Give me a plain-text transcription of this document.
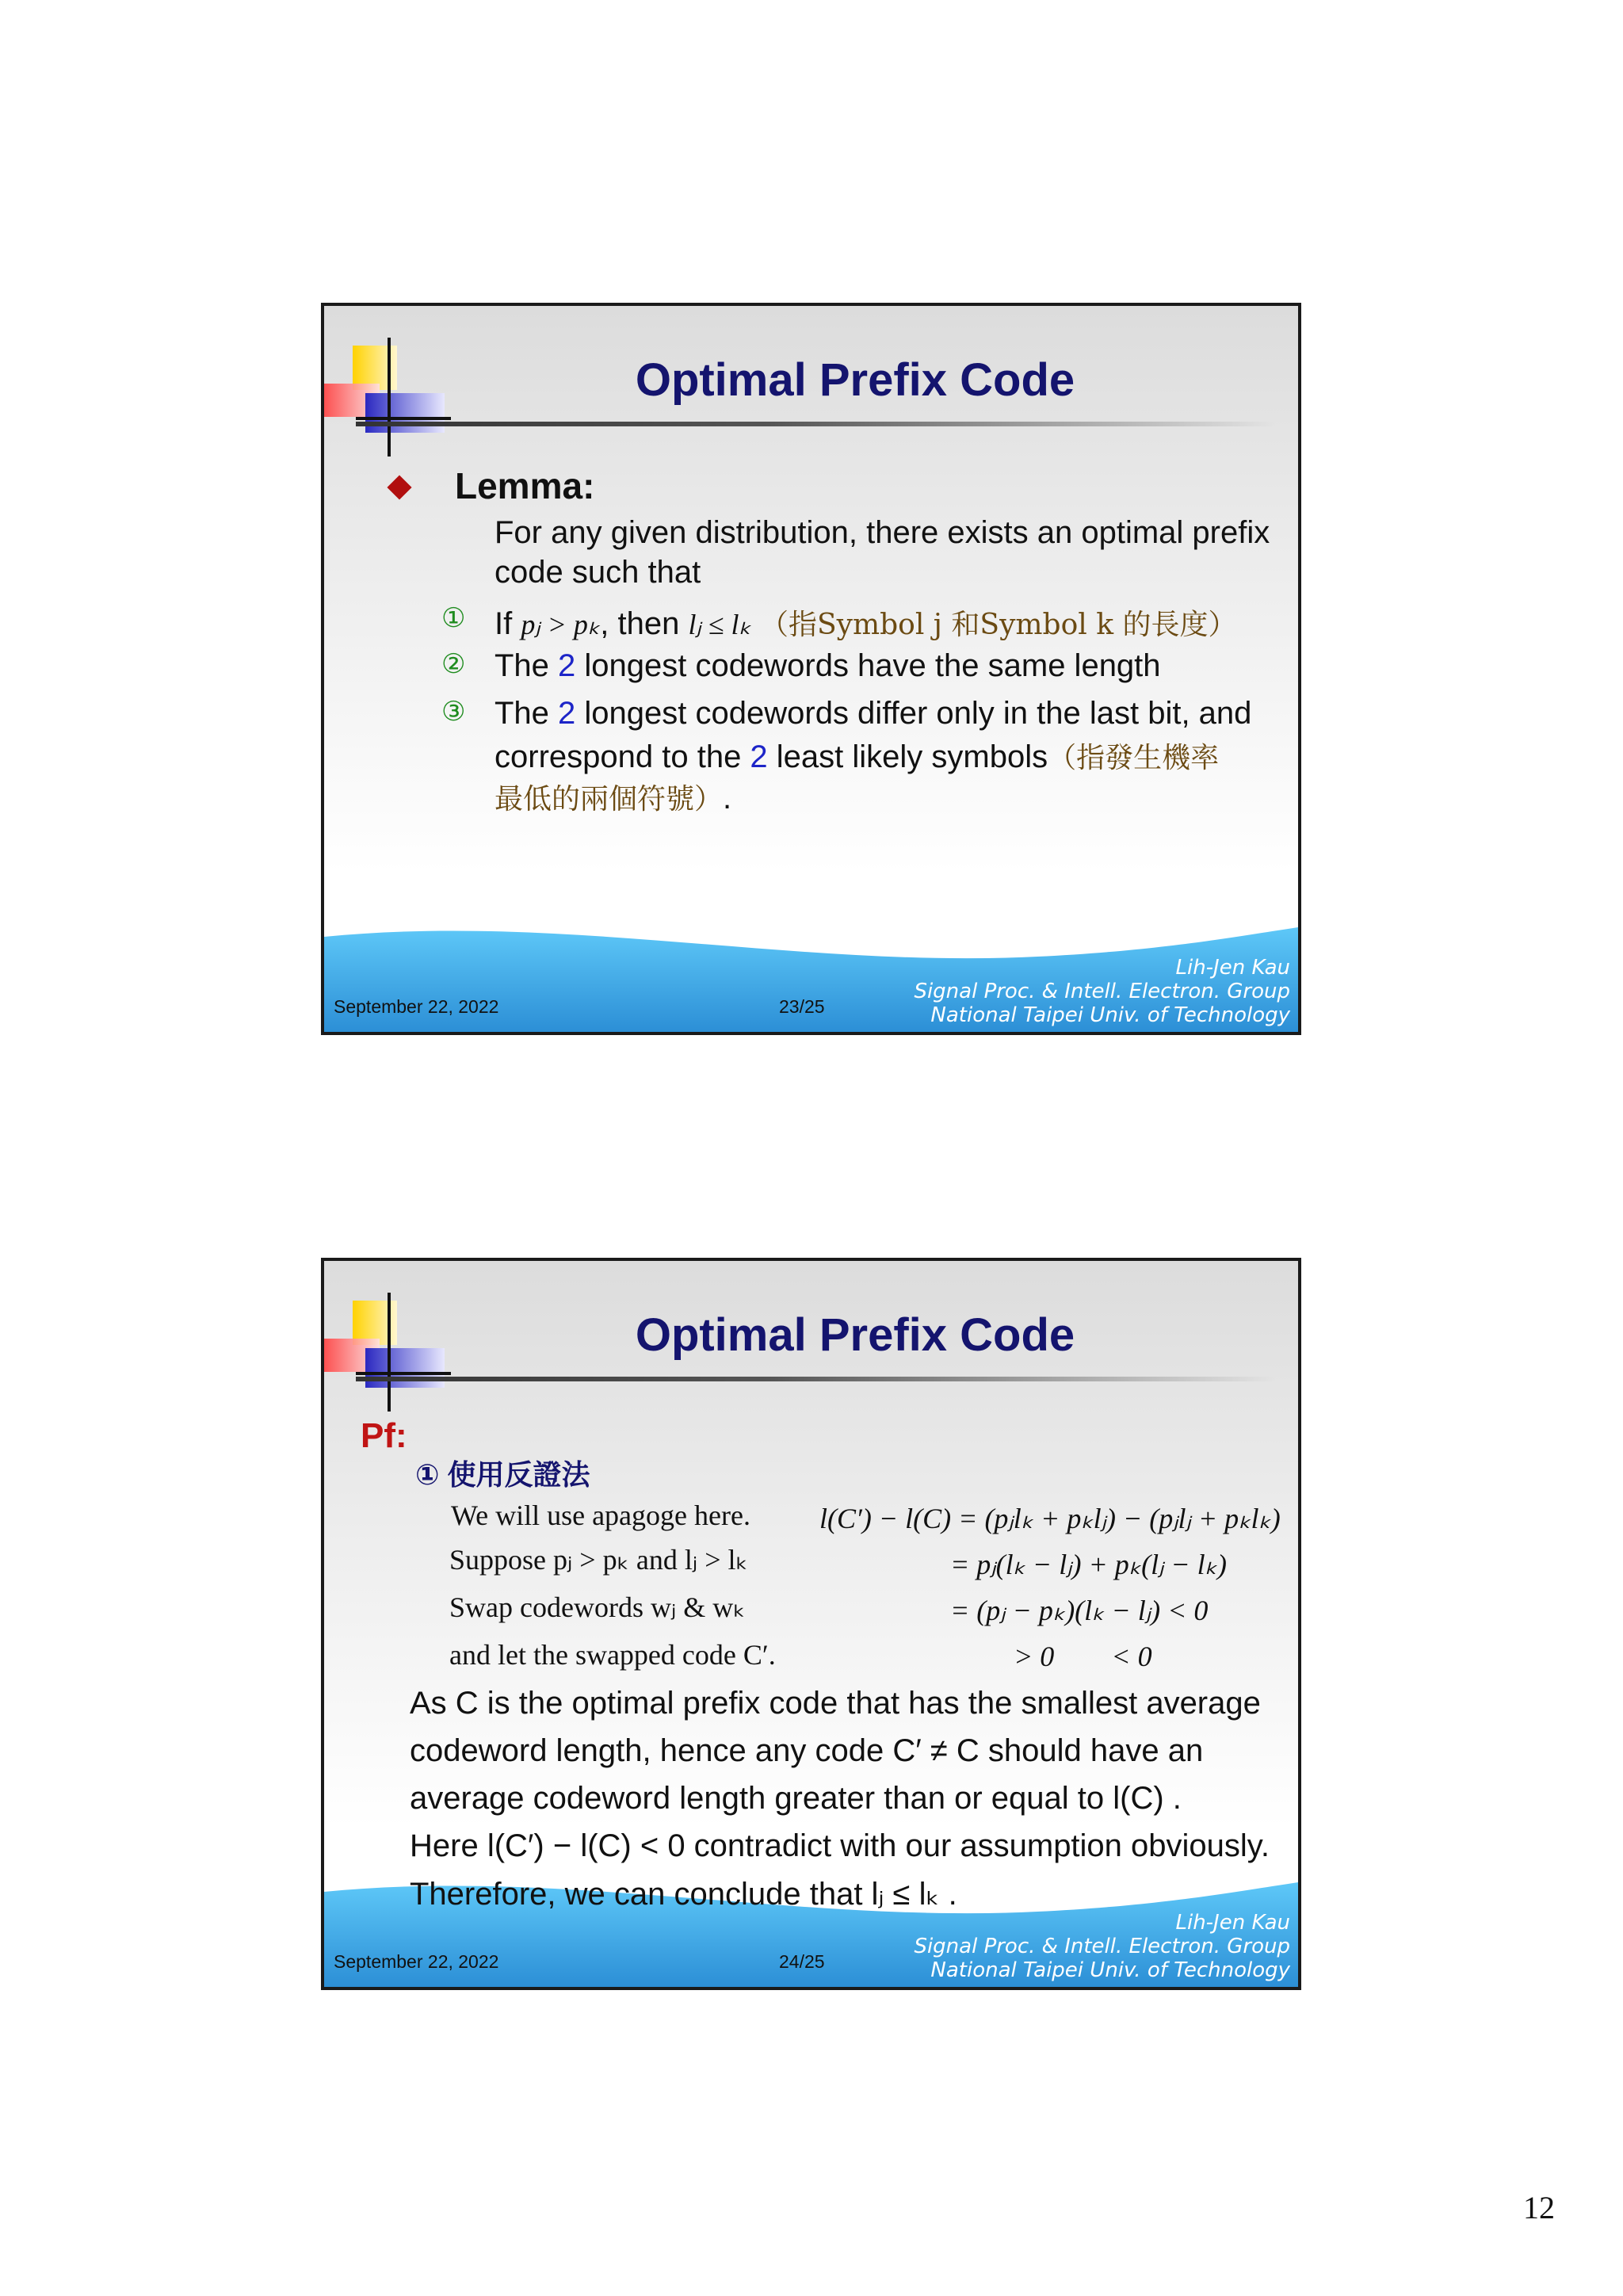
Optimal Prefix Code
Lemma:
For any given distribution, there exists an optimal prefix
code such that
① If pⱼ > pₖ, then lⱼ ≤ lₖ （指Symbol j 和Symbol k 的長度）
② The 2 longest codewords have the same length
③ The 2 longest codewords differ only in the last bit, and
correspond to the 2 least likely symbols（指發生機率
最低的兩個符號）.
September 22, 2022	23/25
Lih-Jen Kau
Signal Proc. & Intell. Electron. Group
National Taipei Univ. of Technology
Optimal Prefix Code
Pf:
① 使用反證法
We will use apagoge here.
Suppose pⱼ > pₖ and lⱼ > lₖ
Swap codewords wⱼ & wₖ
and let the swapped code C′.
l(C′) − l(C) = (pⱼlₖ + pₖlⱼ) − (pⱼlⱼ + pₖlₖ)
= pⱼ(lₖ − lⱼ) + pₖ(lⱼ − lₖ)
= (pⱼ − pₖ)(lₖ − lⱼ) < 0
> 0        < 0
As C is the optimal prefix code that has the smallest average
codeword length, hence any code C′ ≠ C should have an
average codeword length greater than or equal to l(C) .
Here l(C′) − l(C) < 0 contradict with our assumption obviously.
Therefore, we can conclude that lⱼ ≤ lₖ .
September 22, 2022	24/25
Lih-Jen Kau
Signal Proc. & Intell. Electron. Group
National Taipei Univ. of Technology
12
